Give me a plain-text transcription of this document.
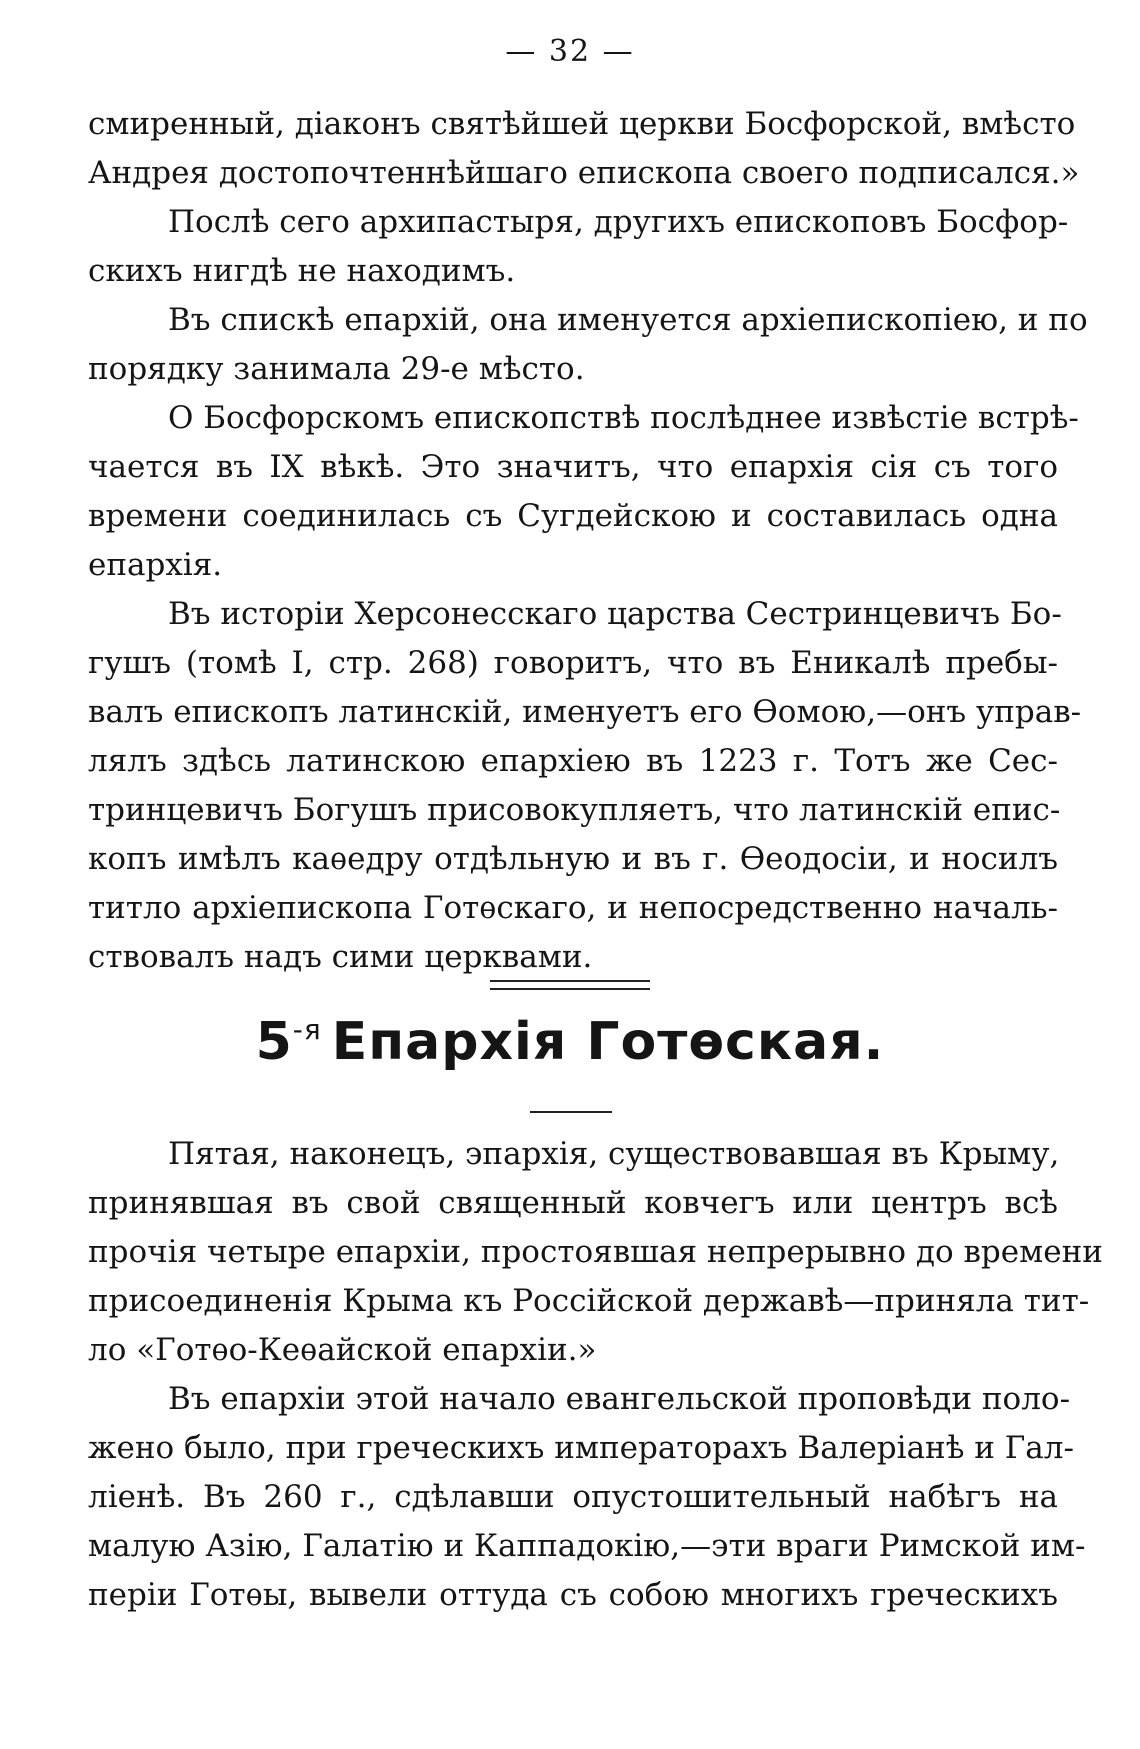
— 32 —
смиренный, діаконъ святѣйшей церкви Босфорской, вмѣсто
Андрея достопочтеннѣйшаго епископа своего подписался.»
Послѣ сего архипастыря, другихъ епископовъ Босфор-
скихъ нигдѣ не находимъ.
Въ спискѣ епархій, она именуется архіепископіею, и по
порядку занимала 29-е мѣсто.
О Босфорскомъ епископствѣ послѣднее извѣстіе встрѣ-
чается въ IX вѣкѣ. Это значитъ, что епархія сія съ того
времени соединилась съ Сугдейскою и составилась одна
епархія.
Въ исторіи Херсонесскаго царства Сестринцевичъ Бо-
гушъ (томѣ I, стр. 268) говоритъ, что въ Еникалѣ пребы-
валъ епископъ латинскій, именуетъ его Ѳомою,—онъ управ-
лялъ здѣсь латинскою епархіею въ 1223 г. Тотъ же Сес-
тринцевичъ Богушъ присовокупляетъ, что латинскій епис-
копъ имѣлъ каѳедру отдѣльную и въ г. Ѳеодосіи, и носилъ
титло архіепископа Готѳскаго, и непосредственно началь-
ствовалъ надъ сими церквами.
$5^{-я}$ Епархія Готѳская.
Пятая, наконецъ, эпархія, существовавшая въ Крыму,
принявшая въ свой священный ковчегъ или центръ всѣ
прочія четыре епархіи, простоявшая непрерывно до времени
присоединенія Крыма къ Россійской державѣ—приняла тит-
ло «Готѳо-Кеѳайской епархіи.»
Въ епархіи этой начало евангельской проповѣди поло-
жено было, при греческихъ императорахъ Валеріанѣ и Гал-
ліенѣ. Въ 260 г., сдѣлавши опустошительный набѣгъ на
малую Азію, Галатію и Каппадокію,—эти враги Римской им-
періи Готѳы, вывели оттуда съ собою многихъ греческихъ
